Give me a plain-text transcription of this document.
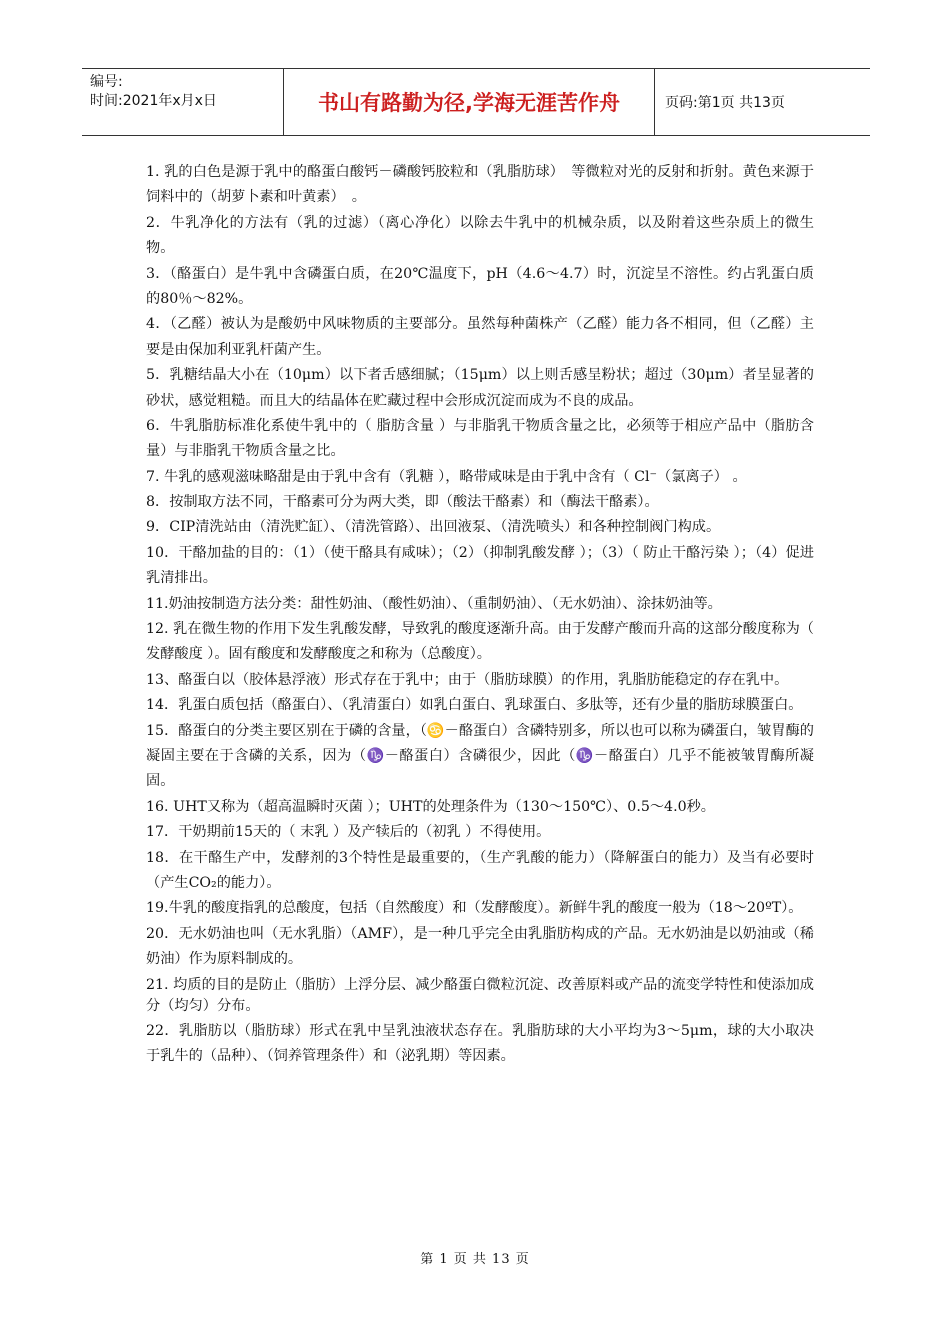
编号:
时间:2021年x月x日	书山有路勤为径,学海无涯苦作舟	页码:第1页 共13页

1. 乳的白色是源于乳中的酪蛋白酸钙－磷酸钙胶粒和（乳脂肪球）　等微粒对光的反射和折射。黄色来源于饲料中的（胡萝卜素和叶黄素）　。

2．牛乳净化的方法有（乳的过滤）（离心净化）以除去牛乳中的机械杂质，以及附着这些杂质上的微生物。

3．（酪蛋白）是牛乳中含磷蛋白质，在20℃温度下，pH（4.6～4.7）时，沉淀呈不溶性。约占乳蛋白质的80％～82%。

4．（乙醛）被认为是酸奶中风味物质的主要部分。虽然每种菌株产（乙醛）能力各不相同，但（乙醛）主要是由保加利亚乳杆菌产生。

5．乳糖结晶大小在（10μm）以下者舌感细腻；（15μm）以上则舌感呈粉状；超过（30μm）者呈显著的砂状，感觉粗糙。而且大的结晶体在贮藏过程中会形成沉淀而成为不良的成品。

6．牛乳脂肪标准化系使牛乳中的（ 脂肪含量 ）与非脂乳干物质含量之比，必须等于相应产品中（脂肪含量）与非脂乳干物质含量之比。

7. 牛乳的感观滋味略甜是由于乳中含有（乳糖 ），略带咸味是由于乳中含有（ Cl⁻（氯离子） 。

8．按制取方法不同，干酪素可分为两大类，即（酸法干酪素）和（酶法干酪素）。

9．CIP清洗站由（清洗贮缸）、（清洗管路）、出回液泵、（清洗喷头）和各种控制阀门构成。

10．干酪加盐的目的：（1）（使干酪具有咸味）；（2）（抑制乳酸发酵 ）；（3）（ 防止干酪污染 ）；（4）促进乳清排出。

11.奶油按制造方法分类：甜性奶油、（酸性奶油）、（重制奶油）、（无水奶油）、涂抹奶油等。

12. 乳在微生物的作用下发生乳酸发酵，导致乳的酸度逐渐升高。由于发酵产酸而升高的这部分酸度称为（ 发酵酸度 ）。固有酸度和发酵酸度之和称为（总酸度）。

13、酪蛋白以（胶体悬浮液）形式存在于乳中；由于（脂肪球膜）的作用，乳脂肪能稳定的存在乳中。

14．乳蛋白质包括（酪蛋白）、（乳清蛋白）如乳白蛋白、乳球蛋白、多肽等，还有少量的脂肪球膜蛋白。

15．酪蛋白的分类主要区别在于磷的含量，（♋－酪蛋白）含磷特别多，所以也可以称为磷蛋白，皱胃酶的凝固主要在于含磷的关系，因为（♑－酪蛋白）含磷很少，因此（♑－酪蛋白）几乎不能被皱胃酶所凝固。

16. UHT又称为（超高温瞬时灭菌 ）；UHT的处理条件为（130～150℃）、0.5～4.0秒。

17．干奶期前15天的（ 末乳 ）及产犊后的（初乳 ）不得使用。

18．在干酪生产中，发酵剂的3个特性是最重要的，（生产乳酸的能力）（降解蛋白的能力）及当有必要时（产生CO₂的能力）。

19.牛乳的酸度指乳的总酸度，包括（自然酸度）和（发酵酸度）。新鲜牛乳的酸度一般为（18～20ºT）。

20．无水奶油也叫（无水乳脂）（AMF），是一种几乎完全由乳脂肪构成的产品。无水奶油是以奶油或（稀奶油）作为原料制成的。

21. 均质的目的是防止（脂肪）上浮分层、减少酪蛋白微粒沉淀、改善原料或产品的流变学特性和使添加成分（均匀）分布。

22．乳脂肪以（脂肪球）形式在乳中呈乳浊液状态存在。乳脂肪球的大小平均为3～5μm，球的大小取决于乳牛的（品种）、（饲养管理条件）和（泌乳期）等因素。

第 1 页 共 13 页
